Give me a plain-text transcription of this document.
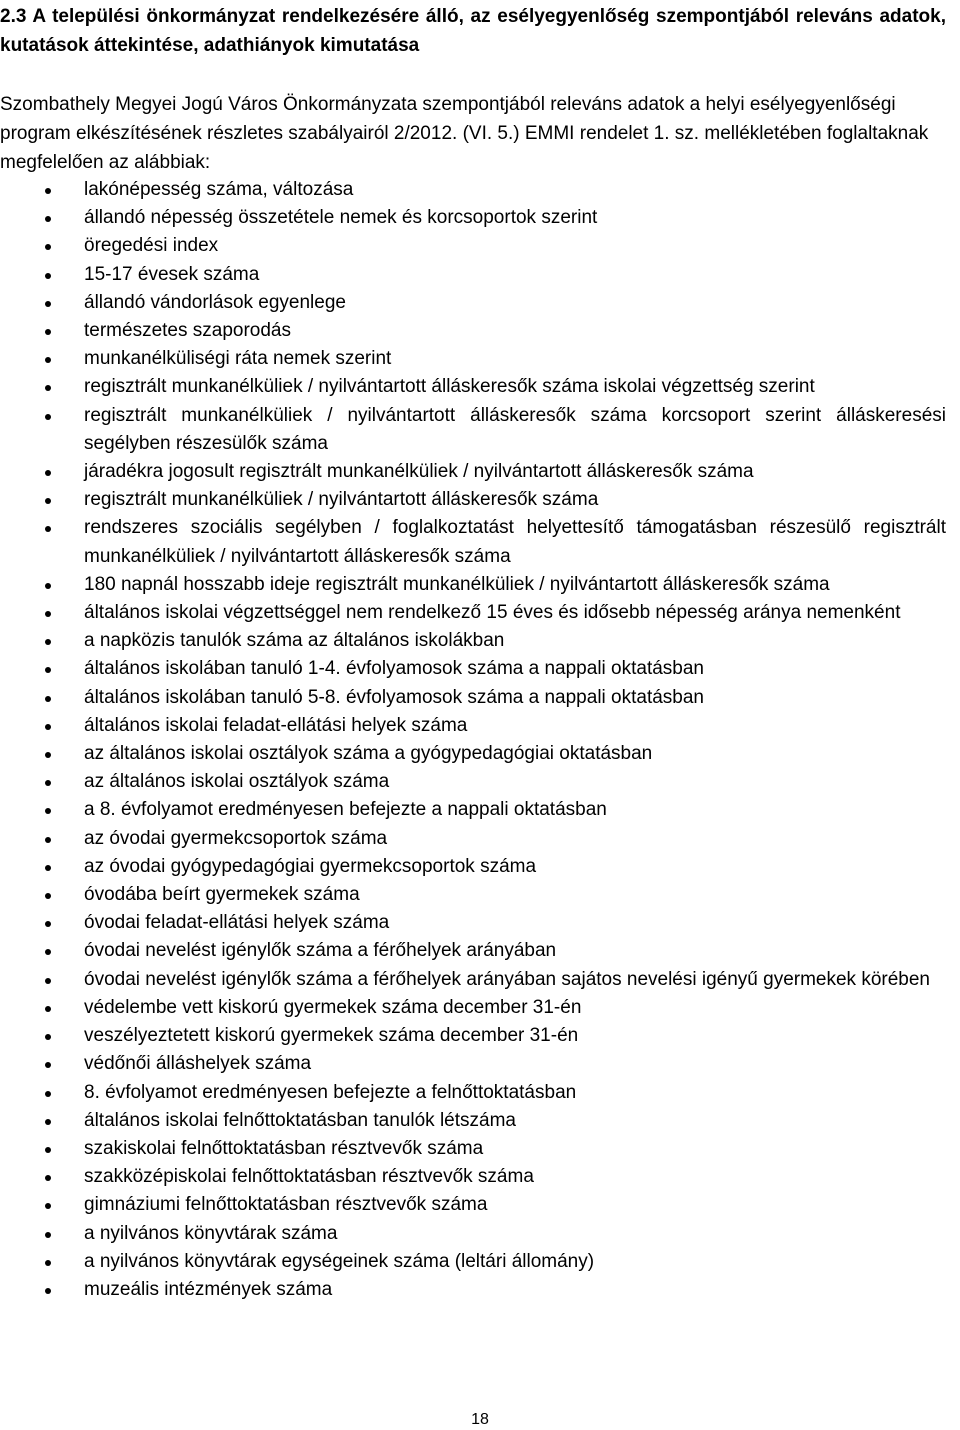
2.3 A települési önkormányzat rendelkezésére álló, az esélyegyenlőség szempontjából releváns adatok, kutatások áttekintése, adathiányok kimutatása
Szombathely Megyei Jogú Város Önkormányzata szempontjából releváns adatok a helyi esélyegyenlőségi program elkészítésének részletes szabályairól 2/2012. (VI. 5.) EMMI rendelet 1. sz. mellékletében foglaltaknak megfelelően az alábbiak:
lakónépesség száma, változása
állandó népesség összetétele nemek és korcsoportok szerint
öregedési index
15-17 évesek száma
állandó vándorlások egyenlege
természetes szaporodás
munkanélküliségi ráta nemek szerint
regisztrált munkanélküliek / nyilvántartott álláskeresők száma iskolai végzettség szerint
regisztrált munkanélküliek / nyilvántartott álláskeresők száma korcsoport szerint álláskeresési segélyben részesülők száma
járadékra jogosult regisztrált munkanélküliek / nyilvántartott álláskeresők száma
regisztrált munkanélküliek / nyilvántartott álláskeresők száma
rendszeres szociális segélyben / foglalkoztatást helyettesítő támogatásban részesülő regisztrált munkanélküliek / nyilvántartott álláskeresők száma
180 napnál hosszabb ideje regisztrált munkanélküliek / nyilvántartott álláskeresők száma
általános iskolai végzettséggel nem rendelkező 15 éves és idősebb népesség aránya nemenként
a napközis tanulók száma az általános iskolákban
általános iskolában tanuló 1-4. évfolyamosok száma a nappali oktatásban
általános iskolában tanuló 5-8. évfolyamosok száma a nappali oktatásban
általános iskolai feladat-ellátási helyek száma
az általános iskolai osztályok száma a gyógypedagógiai oktatásban
az általános iskolai osztályok száma
a 8. évfolyamot eredményesen befejezte a nappali oktatásban
az óvodai gyermekcsoportok száma
az óvodai gyógypedagógiai gyermekcsoportok száma
óvodába beírt gyermekek száma
óvodai feladat-ellátási helyek száma
óvodai nevelést igénylők száma a férőhelyek arányában
óvodai nevelést igénylők száma a férőhelyek arányában sajátos nevelési igényű gyermekek körében
védelembe vett kiskorú gyermekek száma december 31-én
veszélyeztetett kiskorú gyermekek száma december 31-én
védőnői álláshelyek száma
8. évfolyamot eredményesen befejezte a felnőttoktatásban
általános iskolai felnőttoktatásban tanulók létszáma
szakiskolai felnőttoktatásban résztvevők száma
szakközépiskolai felnőttoktatásban résztvevők száma
gimnáziumi felnőttoktatásban résztvevők száma
a nyilvános könyvtárak száma
a nyilvános könyvtárak egységeinek száma (leltári állomány)
muzeális intézmények száma
18
